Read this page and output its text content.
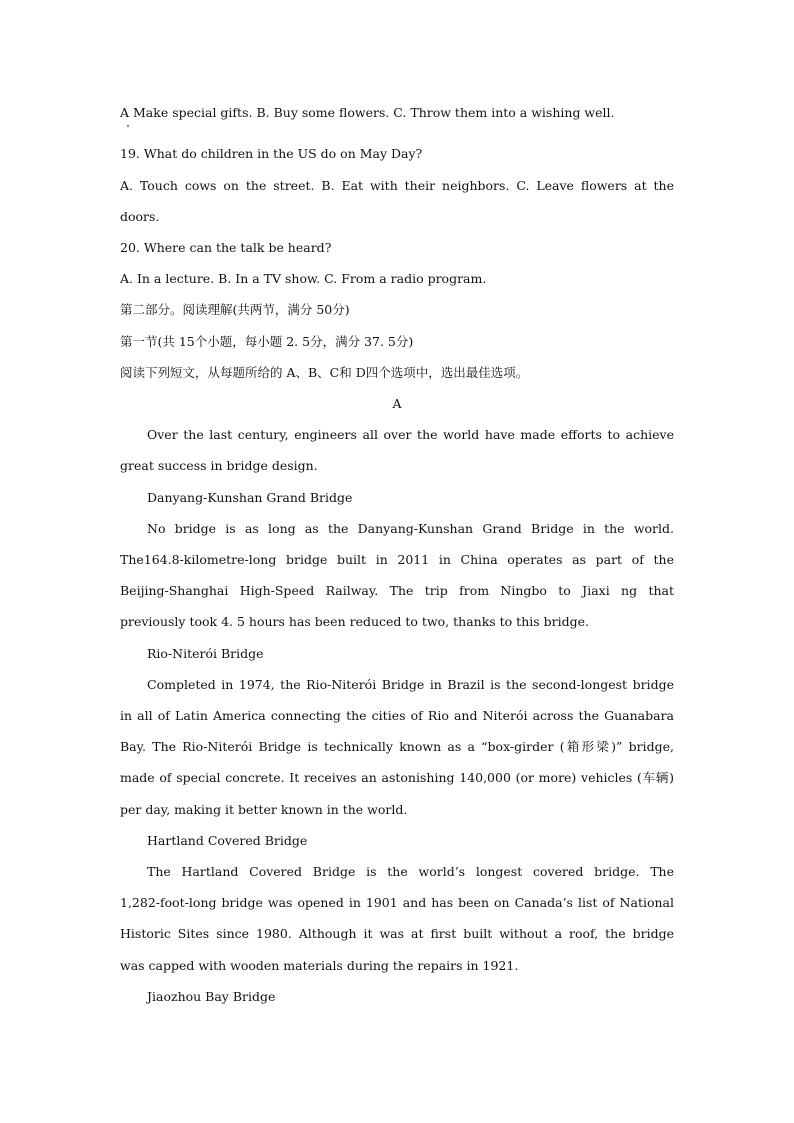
A Make special gifts. B. Buy some flowers. C. Throw them into a wishing well.
19. What do children in the US do on May Day?
A. Touch cows on the street. B. Eat with their neighbors. C. Leave flowers at the
doors.
20. Where can the talk be heard?
A. In a lecture. B. In a TV show. C. From a radio program.
第二部分。阅读理解(共两节，满分 50分)
第一节(共 15个小题，每小题 2. 5分，满分 37. 5分)
阅读下列短文，从每题所给的 A、B、C和 D四个选项中，选出最佳选项。
A
Over the last century, engineers all over the world have made efforts to achieve
great success in bridge design.
Danyang-Kunshan Grand Bridge
No bridge is as long as the Danyang-Kunshan Grand Bridge in the world.
The164.8-kilometre-long bridge built in 2011 in China operates as part of the
Beijing-Shanghai High-Speed Railway. The trip from Ningbo to Jiaxi ng that
previously took 4. 5 hours has been reduced to two, thanks to this bridge.
Rio-Niterói Bridge
Completed in 1974, the Rio-Niterói Bridge in Brazil is the second-longest bridge
in all of Latin America connecting the cities of Rio and Niterói across the Guanabara
Bay. The Rio-Niterói Bridge is technically known as a “box-girder (箱形梁)” bridge,
made of special concrete. It receives an astonishing 140,000 (or more) vehicles (车辆)
per day, making it better known in the world.
Hartland Covered Bridge
The Hartland Covered Bridge is the world’s longest covered bridge. The
1,282-foot-long bridge was opened in 1901 and has been on Canada’s list of National
Historic Sites since 1980. Although it was at first built without a roof, the bridge
was capped with wooden materials during the repairs in 1921.
Jiaozhou Bay Bridge
